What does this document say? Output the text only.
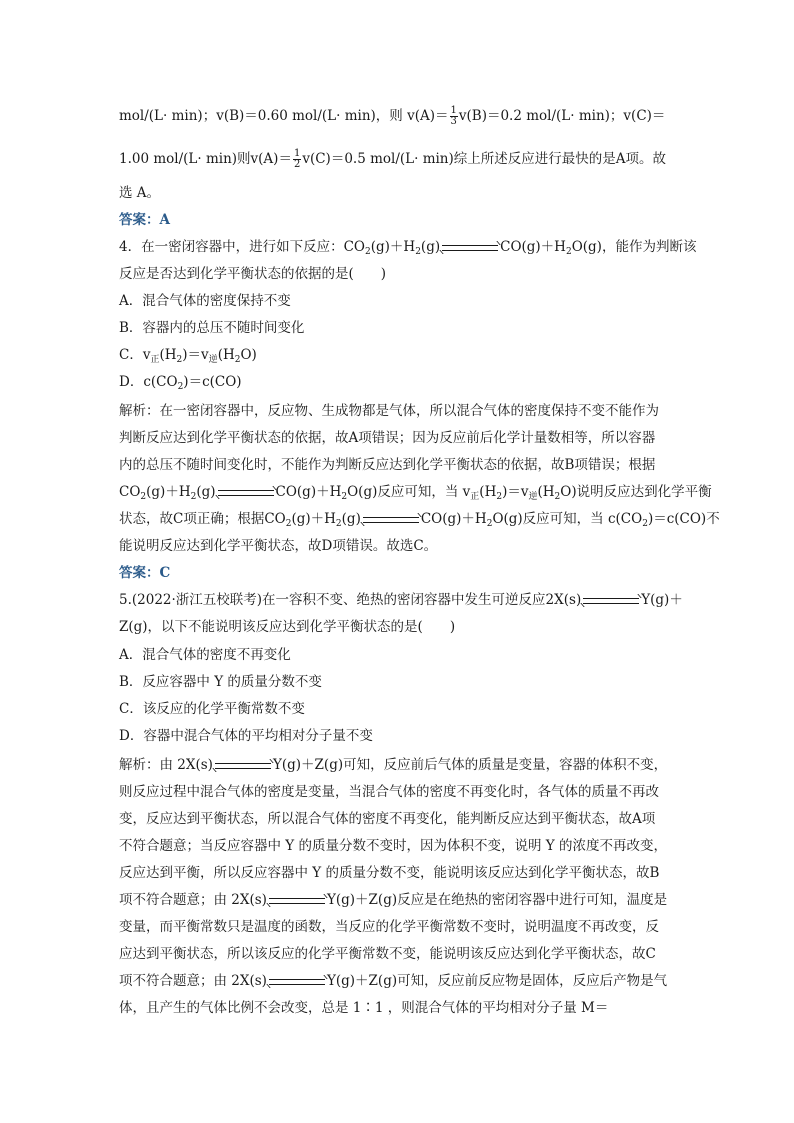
mol/(L· min)；v(B)＝0.60 mol/(L· min)，则 $v(A)= \frac{1}{3} v(B)=0.2$ mol/(L· min)；v(C)＝
1.00 mol/(L· min)则$v(A)= \frac{1}{2} v(C)=0.5$ mol/(L· min)综上所述反应进行最快的是A项。故
选 A。
答案：A
4．在一密闭容器中，进行如下反应：$CO_2(g)+H_2(g)$	$CO(g)+H_2O(g)$，能作为判断该
反应是否达到化学平衡状态的依据的是(　　)
A．混合气体的密度保持不变
B．容器内的总压不随时间变化
C．$v_正(H_2)=v_逆(H_2O)$
D．$c(CO_2)=c(CO)$
解析：在一密闭容器中，反应物、生成物都是气体，所以混合气体的密度保持不变不能作为
判断反应达到化学平衡状态的依据，故A项错误；因为反应前后化学计量数相等，所以容器
内的总压不随时间变化时，不能作为判断反应达到化学平衡状态的依据，故B项错误；根据
$CO_2(g)+H_2(g)$	$CO(g)+H_2O(g)$反应可知，当 $v_正(H_2)=v_逆(H_2O)$说明反应达到化学平衡
状态，故C项正确；根据$CO_2(g)+H_2(g)$	$CO(g)+H_2O(g)$反应可知，当 $c(CO_2)=c(CO)$不
能说明反应达到化学平衡状态，故D项错误。故选C。
答案：C
5.(2022·浙江五校联考)在一容积不变、绝热的密闭容器中发生可逆反应2X(s)	Y(g)＋
Z(g)，以下不能说明该反应达到化学平衡状态的是(　　)
A．混合气体的密度不再变化
B．反应容器中 Y 的质量分数不变
C．该反应的化学平衡常数不变
D．容器中混合气体的平均相对分子量不变
解析：由 2X(s)	Y(g)＋Z(g)可知，反应前后气体的质量是变量，容器的体积不变，
则反应过程中混合气体的密度是变量，当混合气体的密度不再变化时，各气体的质量不再改
变，反应达到平衡状态，所以混合气体的密度不再变化，能判断反应达到平衡状态，故A项
不符合题意；当反应容器中 Y 的质量分数不变时，因为体积不变，说明 Y 的浓度不再改变，
反应达到平衡，所以反应容器中 Y 的质量分数不变，能说明该反应达到化学平衡状态，故B
项不符合题意；由 2X(s)	Y(g)＋Z(g)反应是在绝热的密闭容器中进行可知，温度是
变量，而平衡常数只是温度的函数，当反应的化学平衡常数不变时，说明温度不再改变，反
应达到平衡状态，所以该反应的化学平衡常数不变，能说明该反应达到化学平衡状态，故C
项不符合题意；由 2X(s)	Y(g)＋Z(g)可知，反应前反应物是固体，反应后产物是气
体，且产生的气体比例不会改变，总是 1∶1 ，则混合气体的平均相对分子量 M＝
